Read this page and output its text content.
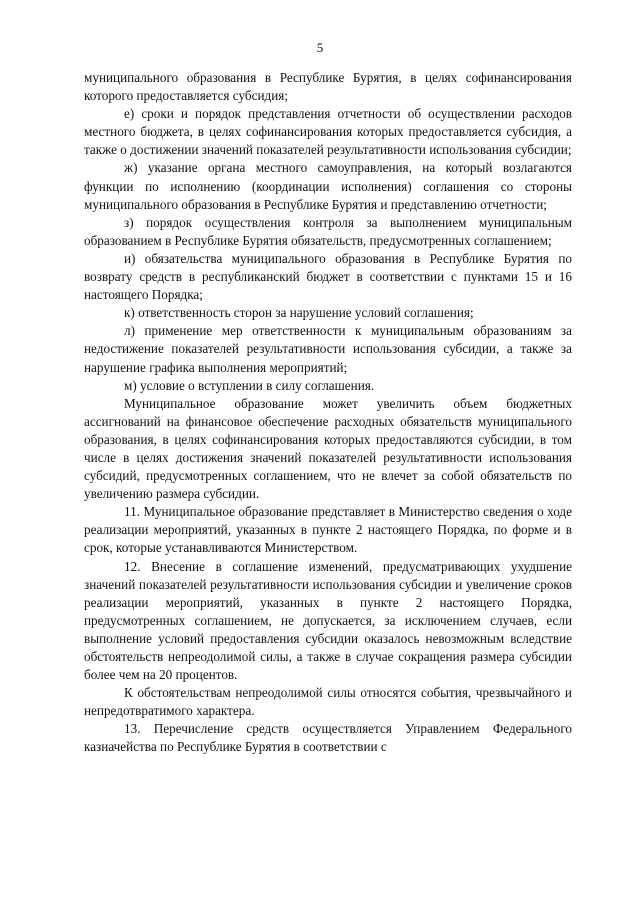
5

муниципального образования в Республике Бурятия, в целях софинансирования которого предоставляется субсидия;

е) сроки и порядок представления отчетности об осуществлении расходов местного бюджета, в целях софинансирования которых предоставляется субсидия, а также о достижении значений показателей результативности использования субсидии;

ж) указание органа местного самоуправления, на который возлагаются функции по исполнению (координации исполнения) соглашения со стороны муниципального образования в Республике Бурятия и представлению отчетности;

з) порядок осуществления контроля за выполнением муниципальным образованием в Республике Бурятия обязательств, предусмотренных соглашением;

и) обязательства муниципального образования в Республике Бурятия по возврату средств в республиканский бюджет в соответствии с пунктами 15 и 16 настоящего Порядка;

к) ответственность сторон за нарушение условий соглашения;

л) применение мер ответственности к муниципальным образованиям за недостижение показателей результативности использования субсидии, а также за нарушение графика выполнения мероприятий;

м) условие о вступлении в силу соглашения.

Муниципальное образование может увеличить объем бюджетных ассигнований на финансовое обеспечение расходных обязательств муниципального образования, в целях софинансирования которых предоставляются субсидии, в том числе в целях достижения значений показателей результативности использования субсидий, предусмотренных соглашением, что не влечет за собой обязательств по увеличению размера субсидии.

11. Муниципальное образование представляет в Министерство сведения о ходе реализации мероприятий, указанных в пункте 2 настоящего Порядка, по форме и в срок, которые устанавливаются Министерством.

12. Внесение в соглашение изменений, предусматривающих ухудшение значений показателей результативности использования субсидии и увеличение сроков реализации мероприятий, указанных в пункте 2 настоящего Порядка, предусмотренных соглашением, не допускается, за исключением случаев, если выполнение условий предоставления субсидии оказалось невозможным вследствие обстоятельств непреодолимой силы, а также в случае сокращения размера субсидии более чем на 20 процентов.

К обстоятельствам непреодолимой силы относятся события, чрезвычайного и непредотвратимого характера.

13. Перечисление средств осуществляется Управлением Федерального казначейства по Республике Бурятия в соответствии с
